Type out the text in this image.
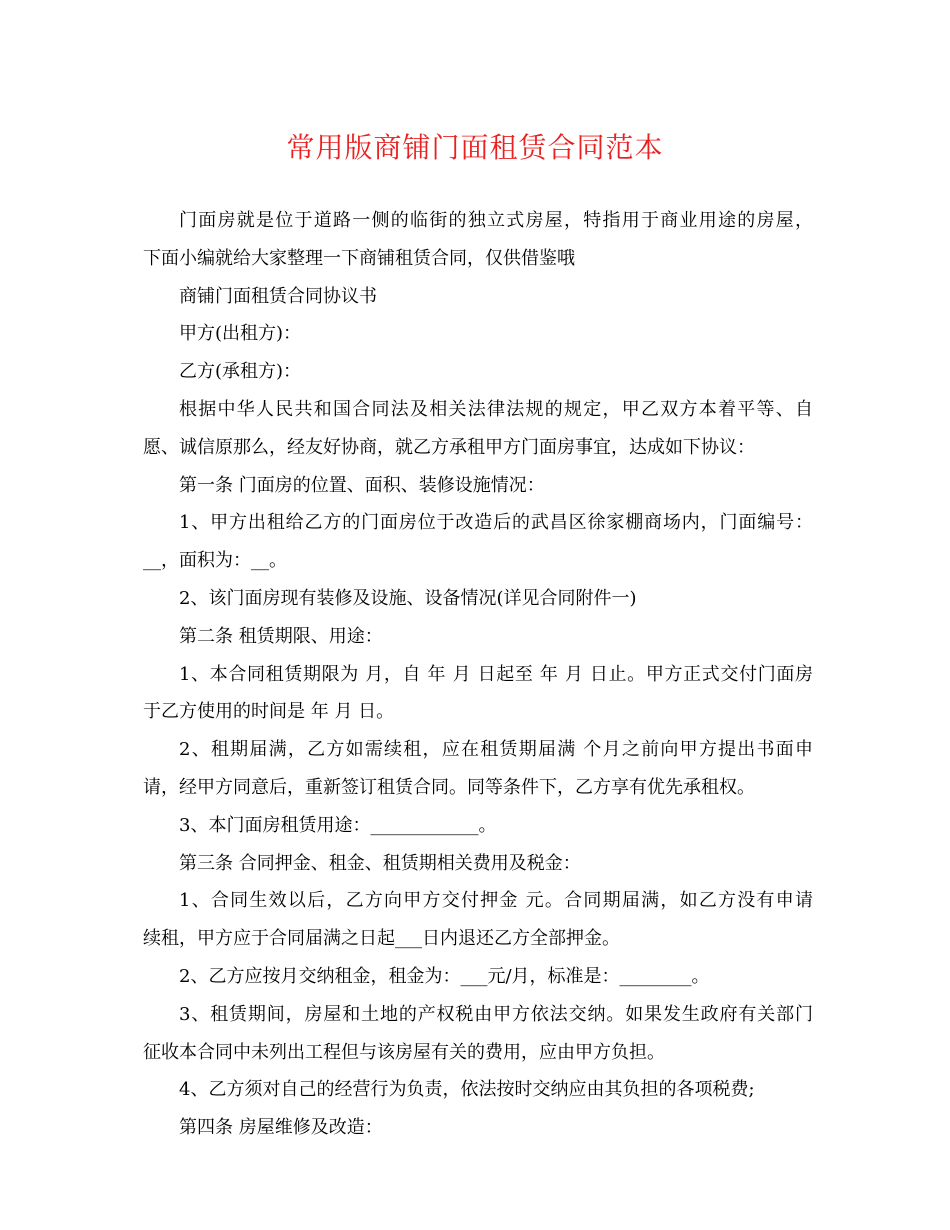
常用版商铺门面租赁合同范本
门面房就是位于道路一侧的临街的独立式房屋，特指用于商业用途的房屋，
下面小编就给大家整理一下商铺租赁合同，仅供借鉴哦
商铺门面租赁合同协议书
甲方(出租方)：
乙方(承租方)：
根据中华人民共和国合同法及相关法律法规的规定，甲乙双方本着平等、自
愿、诚信原那么，经友好协商，就乙方承租甲方门面房事宜，达成如下协议：
第一条 门面房的位置、面积、装修设施情况：
1、甲方出租给乙方的门面房位于改造后的武昌区徐家棚商场内，门面编号：
__，面积为：__。
2、该门面房现有装修及设施、设备情况(详见合同附件一)
第二条 租赁期限、用途：
1、本合同租赁期限为 月，自 年 月 日起至 年 月 日止。甲方正式交付门面房
于乙方使用的时间是 年 月 日。
2、租期届满，乙方如需续租，应在租赁期届满 个月之前向甲方提出书面申
请，经甲方同意后，重新签订租赁合同。同等条件下，乙方享有优先承租权。
3、本门面房租赁用途：____________。
第三条 合同押金、租金、租赁期相关费用及税金：
1、合同生效以后，乙方向甲方交付押金 元。合同期届满，如乙方没有申请
续租，甲方应于合同届满之日起___日内退还乙方全部押金。
2、乙方应按月交纳租金，租金为：___元/月，标准是：________。
3、租赁期间，房屋和土地的产权税由甲方依法交纳。如果发生政府有关部门
征收本合同中未列出工程但与该房屋有关的费用，应由甲方负担。
4、乙方须对自己的经营行为负责，依法按时交纳应由其负担的各项税费;
第四条 房屋维修及改造：
